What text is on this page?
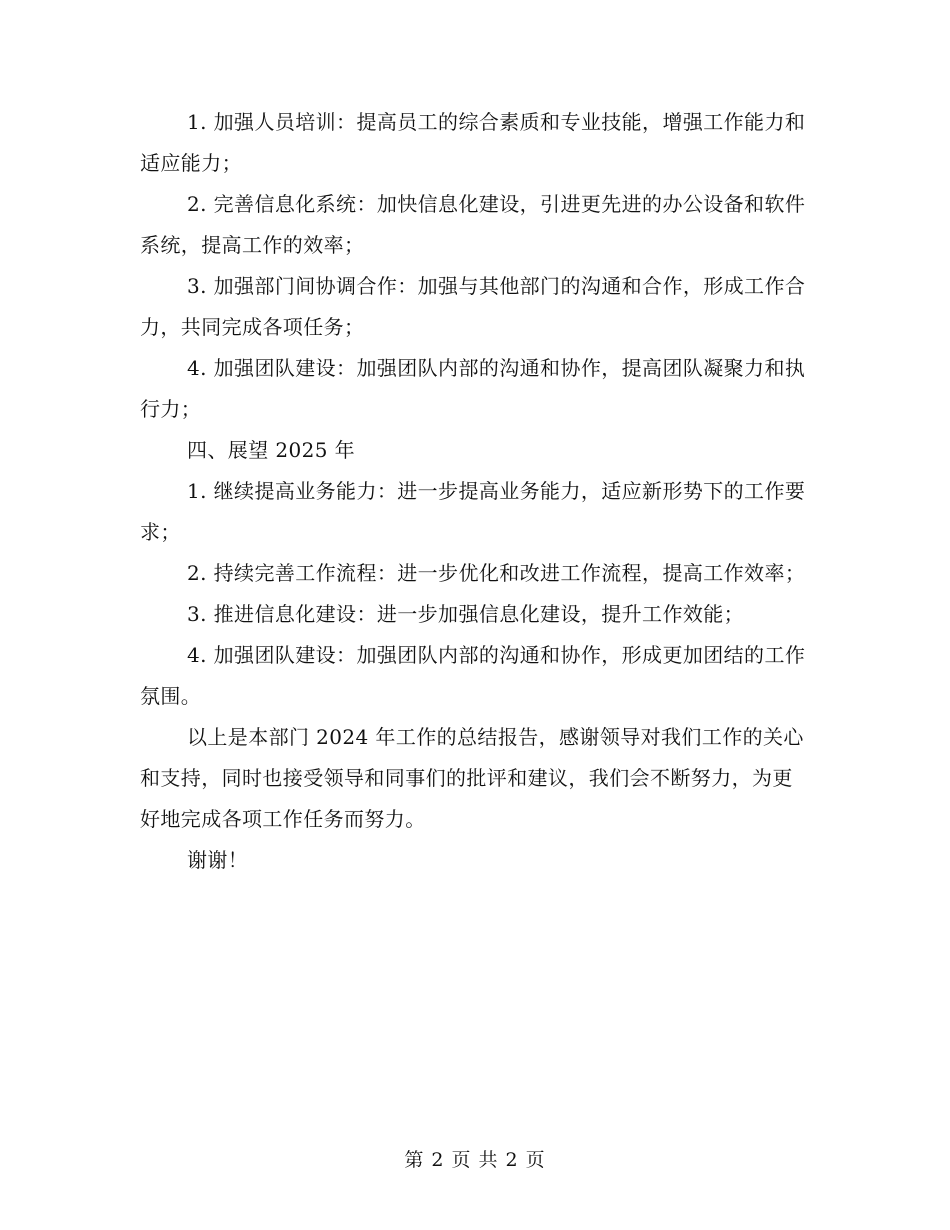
1. 加强人员培训：提高员工的综合素质和专业技能，增强工作能力和适应能力；

2. 完善信息化系统：加快信息化建设，引进更先进的办公设备和软件系统，提高工作的效率；

3. 加强部门间协调合作：加强与其他部门的沟通和合作，形成工作合力，共同完成各项任务；

4. 加强团队建设：加强团队内部的沟通和协作，提高团队凝聚力和执行力；

四、展望 2025 年

1. 继续提高业务能力：进一步提高业务能力，适应新形势下的工作要求；

2. 持续完善工作流程：进一步优化和改进工作流程，提高工作效率；

3. 推进信息化建设：进一步加强信息化建设，提升工作效能；

4. 加强团队建设：加强团队内部的沟通和协作，形成更加团结的工作氛围。

以上是本部门 2024 年工作的总结报告，感谢领导对我们工作的关心和支持，同时也接受领导和同事们的批评和建议，我们会不断努力，为更好地完成各项工作任务而努力。

谢谢！

第 2 页 共 2 页
